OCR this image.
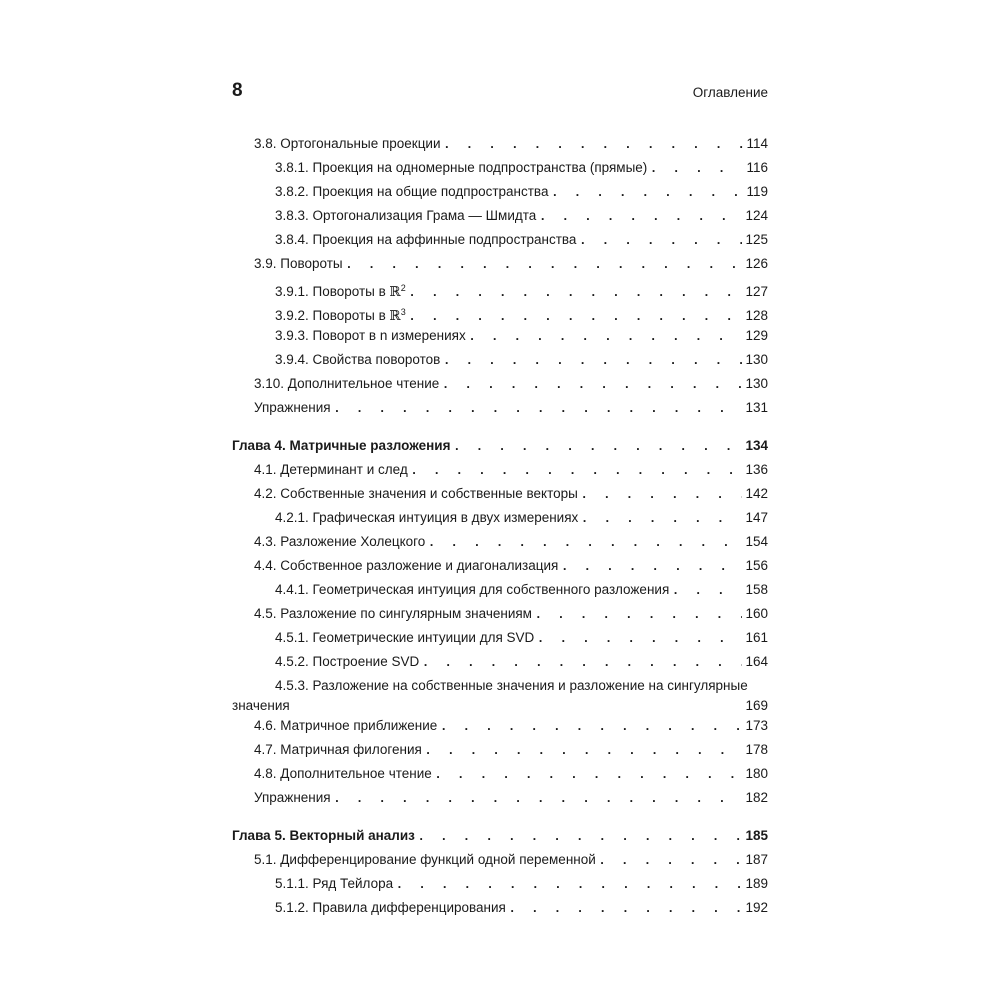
8	Оглавление
3.8. Ортогональные проекции . . .	114
3.8.1. Проекция на одномерные подпространства (прямые) . . .	116
3.8.2. Проекция на общие подпространства . . .	119
3.8.3. Ортогонализация Грама — Шмидта . . .	124
3.8.4. Проекция на аффинные подпространства . . .	125
3.9. Повороты . . .	126
3.9.1. Повороты в ℝ$^2$ . . .	127
3.9.2. Повороты в ℝ$^3$ . . .	128
3.9.3. Поворот в n измерениях . . .	129
3.9.4. Свойства поворотов . . .	130
3.10. Дополнительное чтение . . .	130
Упражнения . . .	131
Глава 4. Матричные разложения . . .	134
4.1. Детерминант и след . . .	136
4.2. Собственные значения и собственные векторы . . .	142
4.2.1. Графическая интуиция в двух измерениях . . .	147
4.3. Разложение Холецкого . . .	154
4.4. Собственное разложение и диагонализация . . .	156
4.4.1. Геометрическая интуиция для собственного разложения . . .	158
4.5. Разложение по сингулярным значениям . . .	160
4.5.1. Геометрические интуиции для SVD . . .	161
4.5.2. Построение SVD . . .	164
4.5.3. Разложение на собственные значения и разложение на сингулярные
значения	169
4.6. Матричное приближение . . .	173
4.7. Матричная филогения . . .	178
4.8. Дополнительное чтение . . .	180
Упражнения . . .	182
Глава 5. Векторный анализ . . .	185
5.1. Дифференцирование функций одной переменной . . .	187
5.1.1. Ряд Тейлора . . .	189
5.1.2. Правила дифференцирования . . .	192
